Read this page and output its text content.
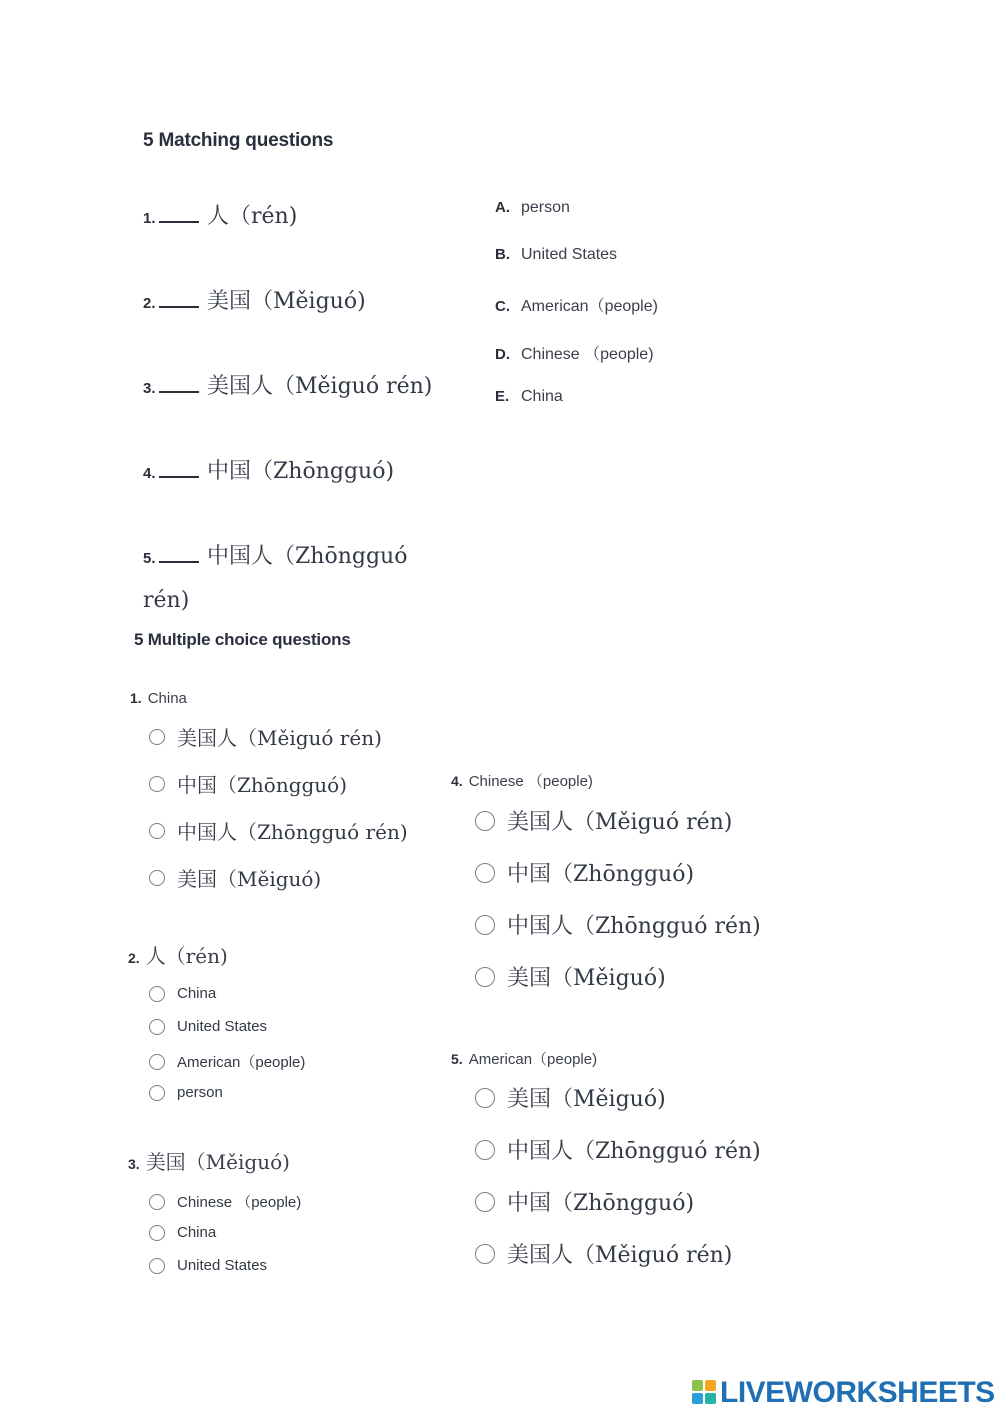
5 Matching questions
1. 人（rén)
2. 美国（Měiguó)
3. 美国人（Měiguó rén)
4. 中国（Zhōngguó)
5. 中国人（Zhōngguó rén)
A. person
B. United States
C. American（people)
D. Chinese （people)
E. China
5 Multiple choice questions
1. China
美国人（Měiguó rén)
中国（Zhōngguó)
中国人（Zhōngguó rén)
美国（Měiguó)
2. 人（rén)
China
United States
American（people)
person
3. 美国（Měiguó)
Chinese （people)
China
United States
4. Chinese （people)
美国人（Měiguó rén)
中国（Zhōngguó)
中国人（Zhōngguó rén)
美国（Měiguó)
5. American（people)
美国（Měiguó)
中国人（Zhōngguó rén)
中国（Zhōngguó)
美国人（Měiguó rén)
LIVEWORKSHEETS
